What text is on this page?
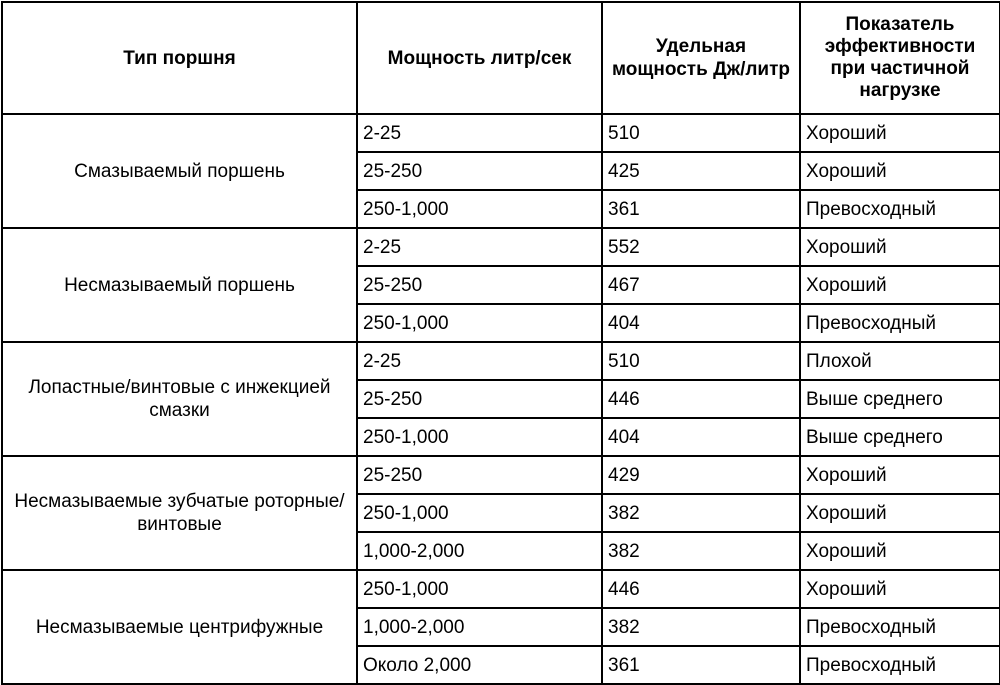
Тип поршня	Мощность литр/сек	Удельная мощность Дж/литр	Показатель эффективности при частичной нагрузке
Смазываемый поршень	2-25	510	Хороший
	25-250	425	Хороший
	250-1,000	361	Превосходный
Несмазываемый поршень	2-25	552	Хороший
	25-250	467	Хороший
	250-1,000	404	Превосходный
Лопастные/винтовые с инжекцией смазки	2-25	510	Плохой
	25-250	446	Выше среднего
	250-1,000	404	Выше среднего
Несмазываемые зубчатые роторные/винтовые	25-250	429	Хороший
	250-1,000	382	Хороший
	1,000-2,000	382	Хороший
Несмазываемые центрифужные	250-1,000	446	Хороший
	1,000-2,000	382	Превосходный
	Около 2,000	361	Превосходный
